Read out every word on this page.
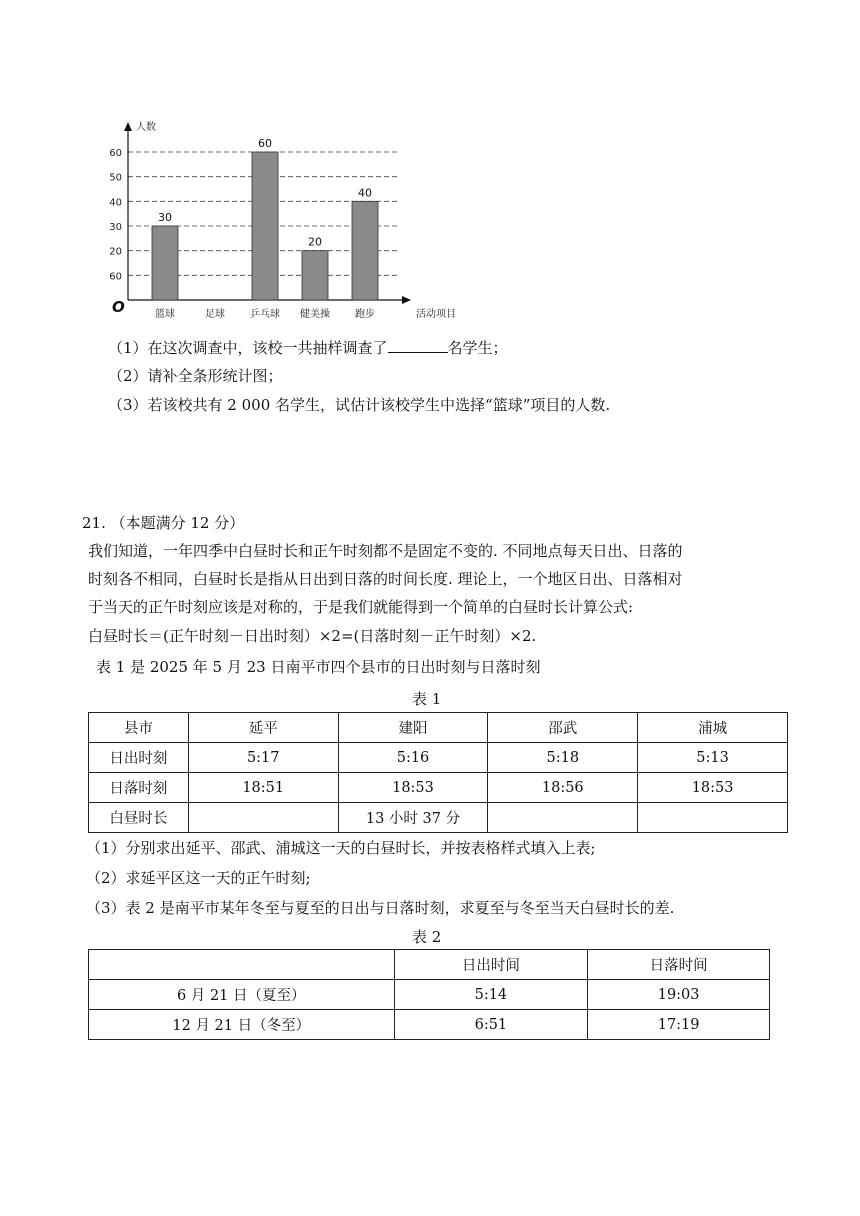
60
20
30
40
50
60
人数
活动项目
O
30
篮球	足球
60
乒乓球
20
健美操
40
跑步
（1）在这次调查中，该校一共抽样调查了	名学生；
（2）请补全条形统计图；
（3）若该校共有 2 000 名学生，试估计该校学生中选择“篮球”项目的人数.
21. （本题满分 12 分）
我们知道，一年四季中白昼时长和正午时刻都不是固定不变的. 不同地点每天日出、日落的
时刻各不相同，白昼时长是指从日出到日落的时间长度. 理论上，一个地区日出、日落相对
于当天的正午时刻应该是对称的，于是我们就能得到一个简单的白昼时长计算公式:
白昼时长＝(正午时刻－日出时刻）×2=(日落时刻－正午时刻）×2.
表 1 是 2025 年 5 月 23 日南平市四个县市的日出时刻与日落时刻
表 1
县市	延平	建阳	邵武	浦城
日出时刻	5:17	5:16	5:18	5:13
日落时刻	18:51	18:53	18:56	18:53
白昼时长		13 小时 37 分		
（1）分别求出延平、邵武、浦城这一天的白昼时长，并按表格样式填入上表;
（2）求延平区这一天的正午时刻;
（3）表 2 是南平市某年冬至与夏至的日出与日落时刻，求夏至与冬至当天白昼时长的差.
表 2
	日出时间	日落时间
6 月 21 日（夏至）	5:14	19:03
12 月 21 日（冬至）	6:51	17:19
